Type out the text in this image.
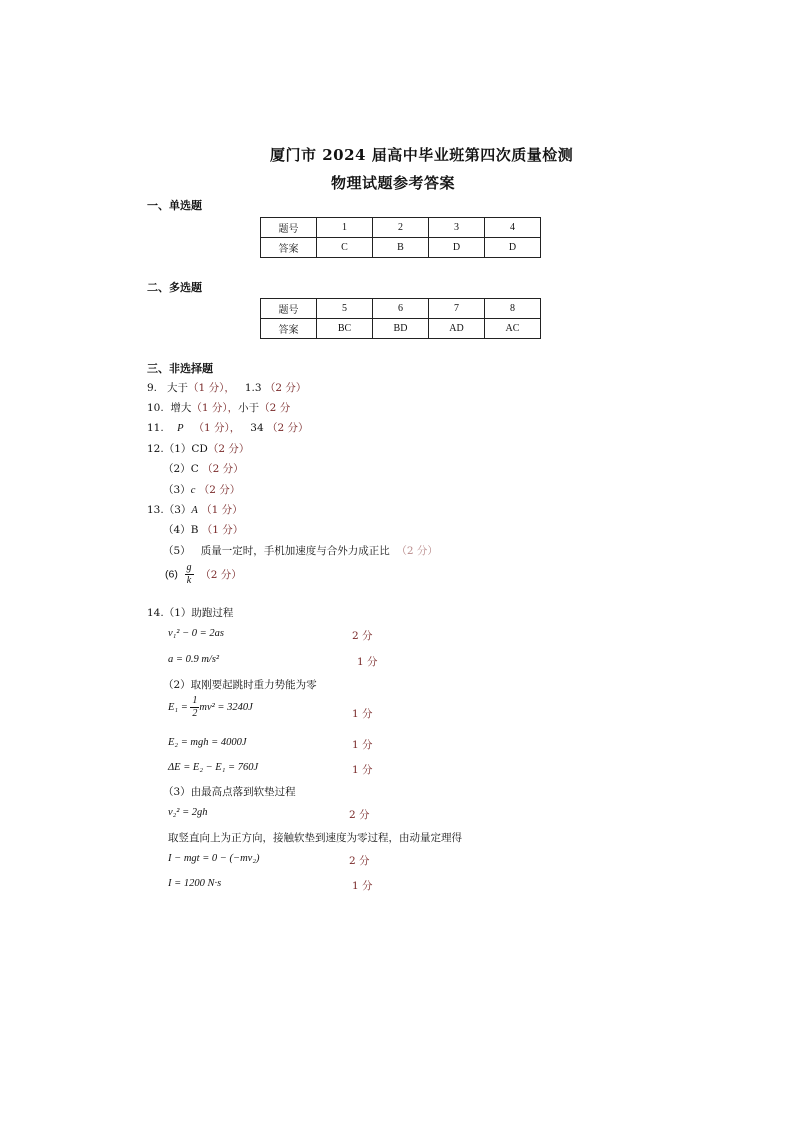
厦门市 2024 届高中毕业班第四次质量检测
物理试题参考答案
一、单选题
题号	1	2	3	4
答案	C	B	D	D
二、多选题
题号	5	6	7	8
答案	BC	BD	AD	AC
三、非选择题
9. 大于（1 分）， 1.3 （2 分）
10. 增大（1 分），小于（2 分
11. P （1 分）， 34 （2 分）
12.（1）CD（2 分）
（2）C （2 分）
（3）c （2 分）
13.（3）A （1 分）
（4）B （1 分）
（5） 质量一定时，手机加速度与合外力成正比 （2 分）
$(6) \frac{g}{k} (2$ 分）
14.（1）助跑过程
v₁² − 0 = 2as	2 分
a = 0.9 m/s²	1 分
（2）取刚要起跳时重力势能为零
$E_1 = \frac{1}{2} mv^2 = 3240J$
1 分
E₂ = mgh = 4000J	1 分
ΔE = E₂ − E₁ = 760J	1 分
（3）由最高点落到软垫过程
v₂² = 2gh	2 分
取竖直向上为正方向，接触软垫到速度为零过程，由动量定理得
I − mgt = 0 − (−mv₂)	2 分
I = 1200 N·s	1 分
